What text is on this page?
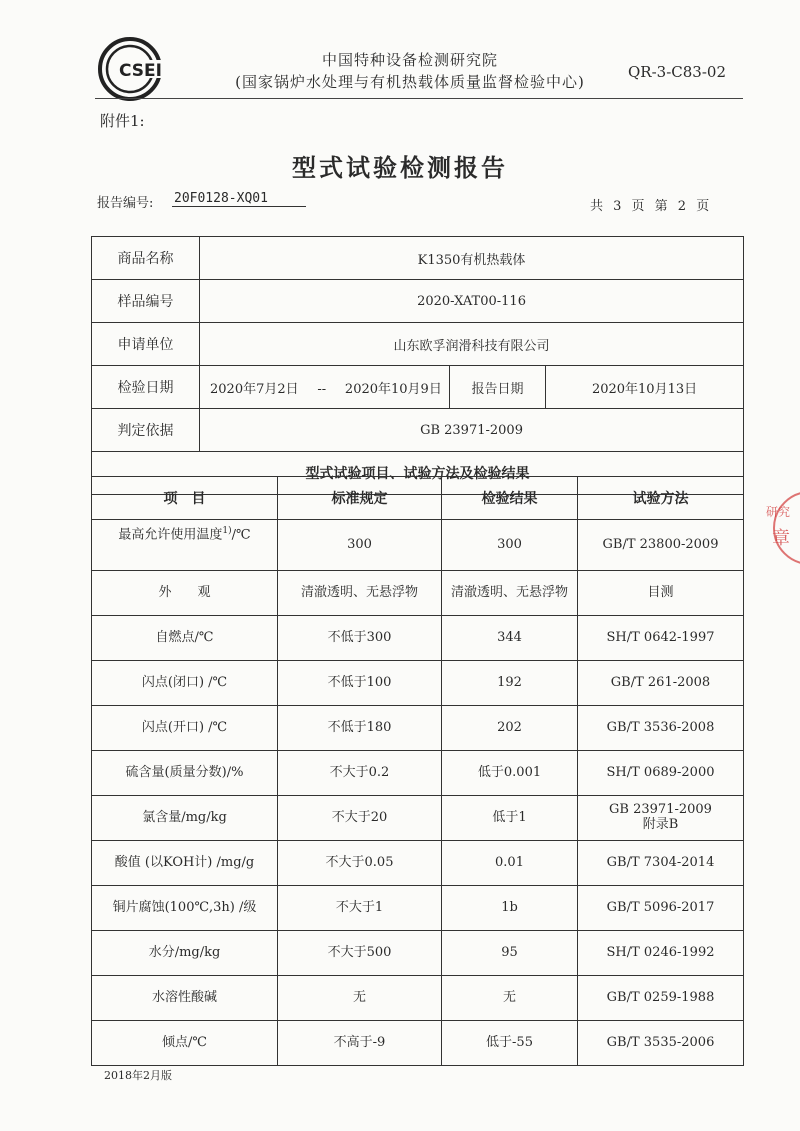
CSEI
中国特种设备检测研究院
(国家锅炉水处理与有机热载体质量监督检验中心)
QR-3-C83-02
附件1:
型式试验检测报告
报告编号: 20F0128-XQ01
共 3 页 第 2 页
商品名称	K1350有机热载体		
样品编号	2020-XAT00-116		
申请单位	山东欧孚润滑科技有限公司		
检验日期	2020年7月2日 -- 2020年10月9日	报告日期	2020年10月13日
判定依据	GB 23971-2009		
型式试验项目、试验方法及检验结果			
项　目	标准规定	检验结果	试验方法
最高允许使用温度$^{1)}$/℃	300	300	GB/T 23800-2009
外　　观	清澈透明、无悬浮物	清澈透明、无悬浮物	目测
自燃点/℃	不低于300	344	SH/T 0642-1997
闪点(闭口) /℃	不低于100	192	GB/T 261-2008
闪点(开口) /℃	不低于180	202	GB/T 3536-2008
硫含量(质量分数)/%	不大于0.2	低于0.001	SH/T 0689-2000
氯含量/mg/kg	不大于20	低于1	GB 23971-2009
附录B

酸值 (以KOH计) /mg/g	不大于0.05	0.01	GB/T 7304-2014
铜片腐蚀(100℃,3h) /级	不大于1	1b	GB/T 5096-2017
水分/mg/kg	不大于500	95	SH/T 0246-1992
水溶性酸碱	无	无	GB/T 0259-1988
倾点/℃	不高于-9	低于-55	GB/T 3535-2006
2018年2月版
研究
章
